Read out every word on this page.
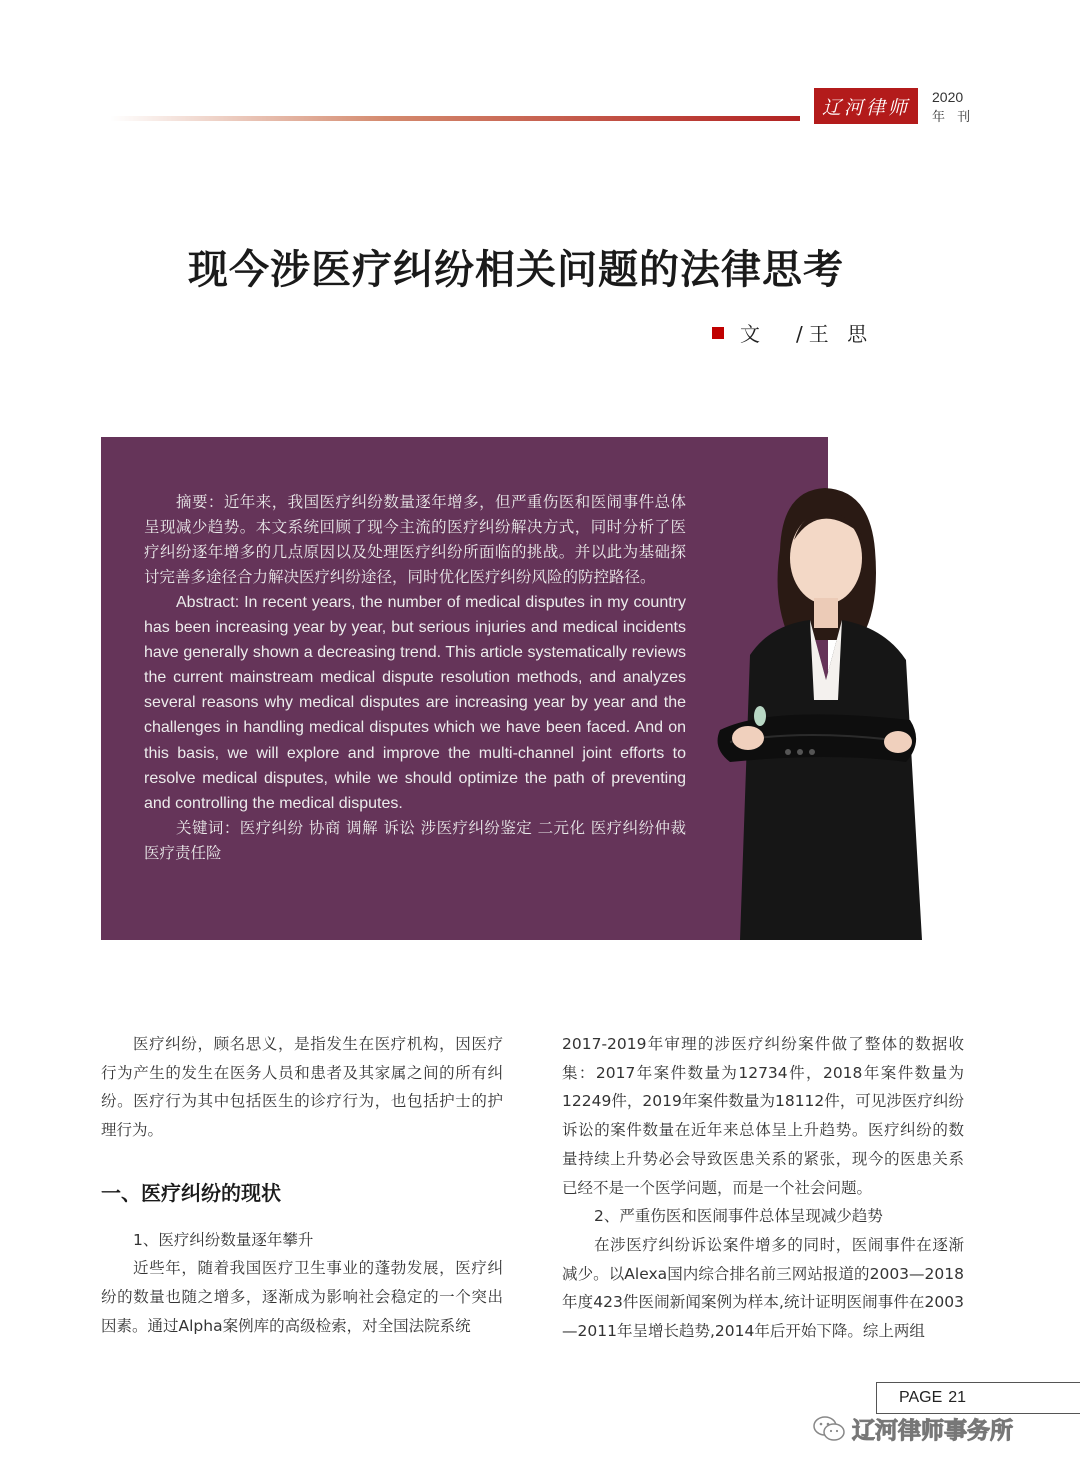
辽河律师 2020
年 刊
现今涉医疗纠纷相关问题的法律思考
文 /王 思

摘要：近年来，我国医疗纠纷数量逐年增多，但严重伤医和医闹事件总体呈现减少趋势。本文系统回顾了现今主流的医疗纠纷解决方式，同时分析了医疗纠纷逐年增多的几点原因以及处理医疗纠纷所面临的挑战。并以此为基础探讨完善多途径合力解决医疗纠纷途径，同时优化医疗纠纷风险的防控路径。

Abstract: In recent years, the number of medical disputes in my country has been increasing year by year, but serious injuries and medical incidents have generally shown a decreasing trend. This article systematically reviews the current mainstream medical dispute resolution methods, and analyzes several reasons why medical disputes are increasing year by year and the challenges in handling medical disputes which we have been faced. And on this basis, we will explore and improve the multi-channel joint efforts to resolve medical disputes, while we should optimize the path of preventing and controlling the medical disputes.

关键词：医疗纠纷 协商 调解 诉讼 涉医疗纠纷鉴定 二元化 医疗纠纷仲裁 医疗责任险

医疗纠纷，顾名思义，是指发生在医疗机构，因医疗行为产生的发生在医务人员和患者及其家属之间的所有纠纷。医疗行为其中包括医生的诊疗行为，也包括护士的护理行为。

一、医疗纠纷的现状

1、医疗纠纷数量逐年攀升

近些年，随着我国医疗卫生事业的蓬勃发展，医疗纠纷的数量也随之增多，逐渐成为影响社会稳定的一个突出因素。通过Alpha案例库的高级检索，对全国法院系统

2017-2019年审理的涉医疗纠纷案件做了整体的数据收集：2017年案件数量为12734件，2018年案件数量为12249件，2019年案件数量为18112件，可见涉医疗纠纷诉讼的案件数量在近年来总体呈上升趋势。医疗纠纷的数量持续上升势必会导致医患关系的紧张，现今的医患关系已经不是一个医学问题，而是一个社会问题。

2、严重伤医和医闹事件总体呈现减少趋势

在涉医疗纠纷诉讼案件增多的同时，医闹事件在逐渐减少。以Alexa国内综合排名前三网站报道的2003—2018年度423件医闹新闻案例为样本,统计证明医闹事件在2003—2011年呈增长趋势,2014年后开始下降。综上两组

PAGE 21
辽河律师事务所
